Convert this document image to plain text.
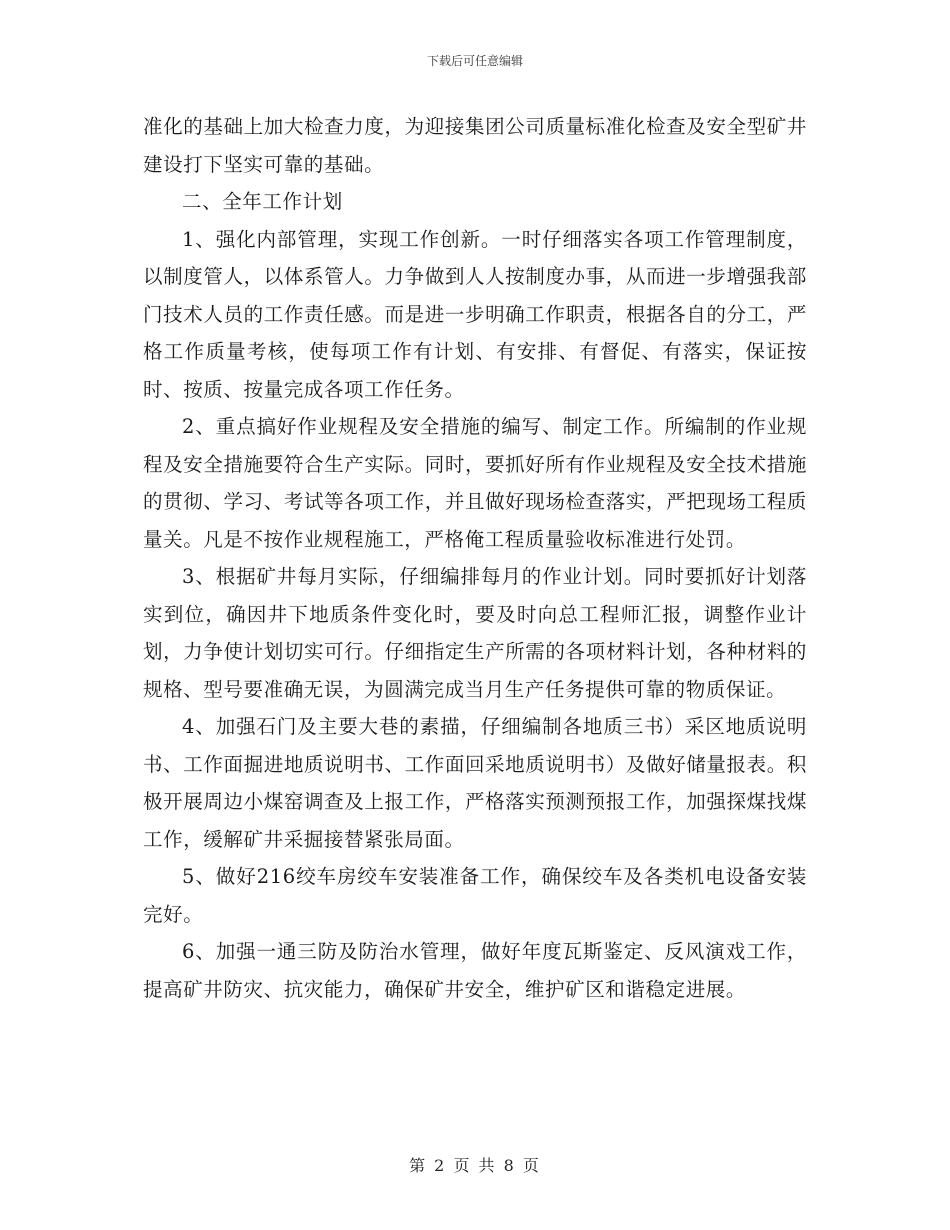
下载后可任意编辑

准化的基础上加大检查力度，为迎接集团公司质量标准化检查及安全型矿井建设打下坚实可靠的基础。

二、全年工作计划

1、强化内部管理，实现工作创新。一时仔细落实各项工作管理制度，以制度管人，以体系管人。力争做到人人按制度办事，从而进一步增强我部门技术人员的工作责任感。而是进一步明确工作职责，根据各自的分工，严格工作质量考核，使每项工作有计划、有安排、有督促、有落实，保证按时、按质、按量完成各项工作任务。

2、重点搞好作业规程及安全措施的编写、制定工作。所编制的作业规程及安全措施要符合生产实际。同时，要抓好所有作业规程及安全技术措施的贯彻、学习、考试等各项工作，并且做好现场检查落实，严把现场工程质量关。凡是不按作业规程施工，严格俺工程质量验收标准进行处罚。

3、根据矿井每月实际，仔细编排每月的作业计划。同时要抓好计划落实到位，确因井下地质条件变化时，要及时向总工程师汇报，调整作业计划，力争使计划切实可行。仔细指定生产所需的各项材料计划，各种材料的规格、型号要准确无误，为圆满完成当月生产任务提供可靠的物质保证。

4、加强石门及主要大巷的素描，仔细编制各地质三书）采区地质说明书、工作面掘进地质说明书、工作面回采地质说明书）及做好储量报表。积极开展周边小煤窑调查及上报工作，严格落实预测预报工作，加强探煤找煤工作，缓解矿井采掘接替紧张局面。

5、做好216绞车房绞车安装准备工作，确保绞车及各类机电设备安装完好。

6、加强一通三防及防治水管理，做好年度瓦斯鉴定、反风演戏工作，提高矿井防灾、抗灾能力，确保矿井安全，维护矿区和谐稳定进展。

第 2 页 共 8 页
